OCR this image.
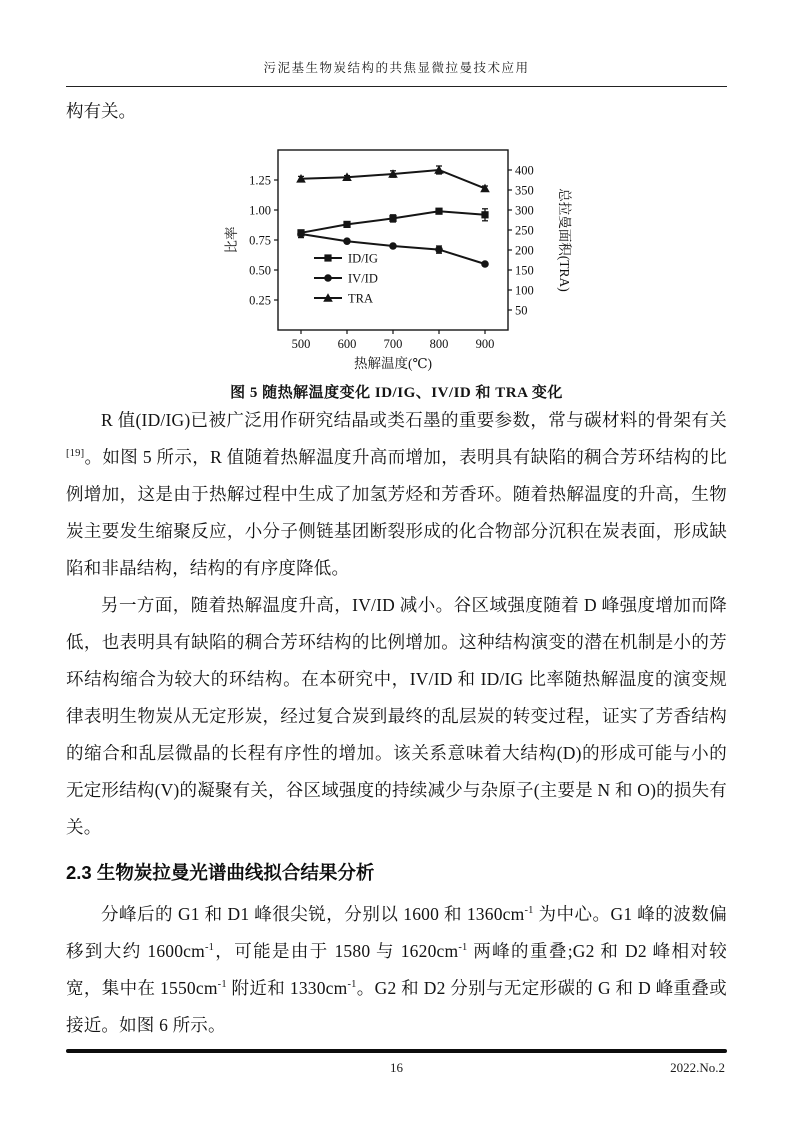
污泥基生物炭结构的共焦显微拉曼技术应用

构有关。

500 600 700 800 900
0.25
0.50
0.75
1.00
1.25
50
100
150
200
250
300
350
400
热解温度(℃)
比率	总拉曼面积(TRA)
ID/IG
IV/ID
TRA
图 5 随热解温度变化 ID/IG、IV/ID 和 TRA 变化

R 值(ID/IG)已被广泛用作研究结晶或类石墨的重要参数，常与碳材料的骨架有关[19]。如图 5 所示，R 值随着热解温度升高而增加，表明具有缺陷的稠合芳环结构的比例增加，这是由于热解过程中生成了加氢芳烃和芳香环。随着热解温度的升高，生物炭主要发生缩聚反应，小分子侧链基团断裂形成的化合物部分沉积在炭表面，形成缺陷和非晶结构，结构的有序度降低。

另一方面，随着热解温度升高，IV/ID 减小。谷区域强度随着 D 峰强度增加而降低，也表明具有缺陷的稠合芳环结构的比例增加。这种结构演变的潜在机制是小的芳环结构缩合为较大的环结构。在本研究中，IV/ID 和 ID/IG 比率随热解温度的演变规律表明生物炭从无定形炭，经过复合炭到最终的乱层炭的转变过程，证实了芳香结构的缩合和乱层微晶的长程有序性的增加。该关系意味着大结构(D)的形成可能与小的无定形结构(V)的凝聚有关，谷区域强度的持续减少与杂原子(主要是 N 和 O)的损失有关。

2.3 生物炭拉曼光谱曲线拟合结果分析

分峰后的 G1 和 D1 峰很尖锐，分别以 1600 和 $1360cm^{-1}$ 为中心。G1 峰的波数偏移到大约 $1600cm^{-1}$，可能是由于 1580 与 $1620cm^{-1}$ 两峰的重叠;G2 和 D2 峰相对较宽，集中在 $1550cm^{-1}$ 附近和 $1330cm^{-1}$。G2 和 D2 分别与无定形碳的 G 和 D 峰重叠或接近。如图 6 所示。

16	2022.No.2
